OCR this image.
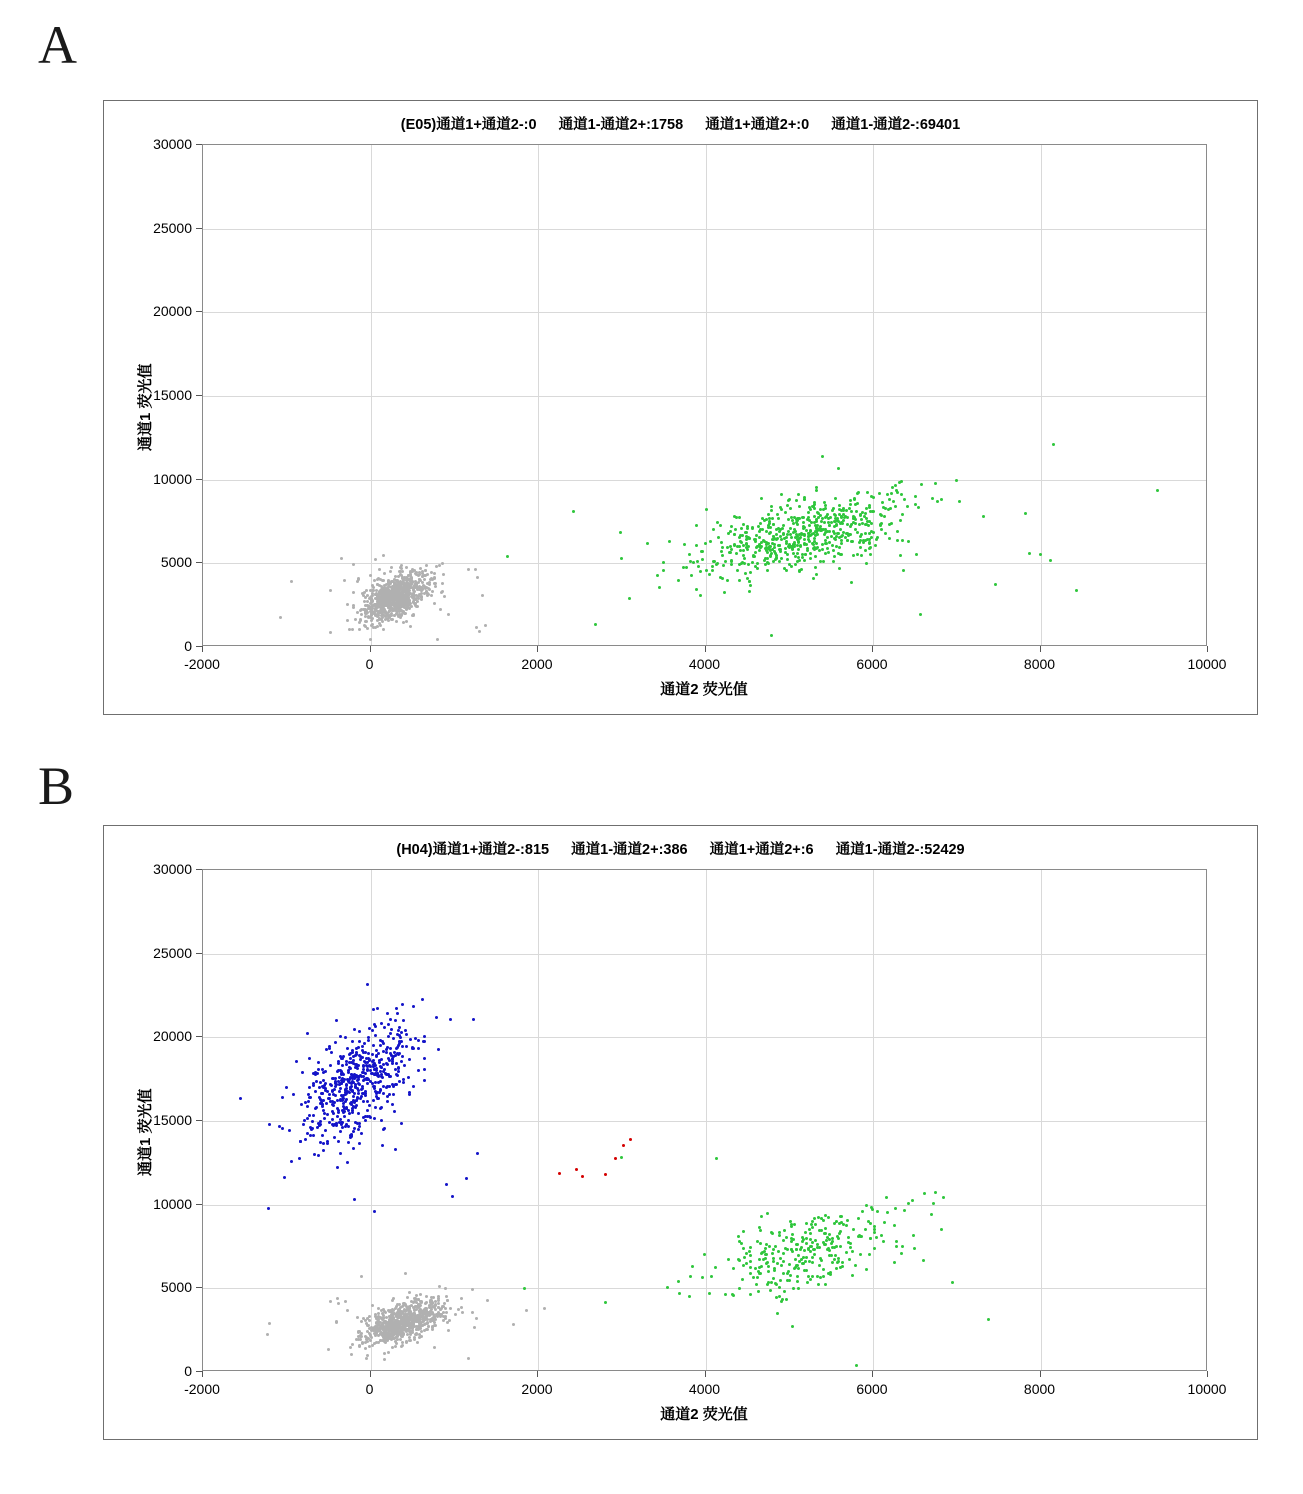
A
(E05)通道1+通道2-:0 通道1-通道2+:1758 通道1+通道2+:0 通道1-通道2-:69401
-2000	0	2000	4000	6000	8000	10000
0
5000
10000
15000
20000
25000
30000
通道2 荧光值
通道1 荧光值
B
(H04)通道1+通道2-:815 通道1-通道2+:386 通道1+通道2+:6 通道1-通道2-:52429
-2000	0	2000	4000	6000	8000	10000
0
5000
10000
15000
20000
25000
30000
通道2 荧光值
通道1 荧光值
